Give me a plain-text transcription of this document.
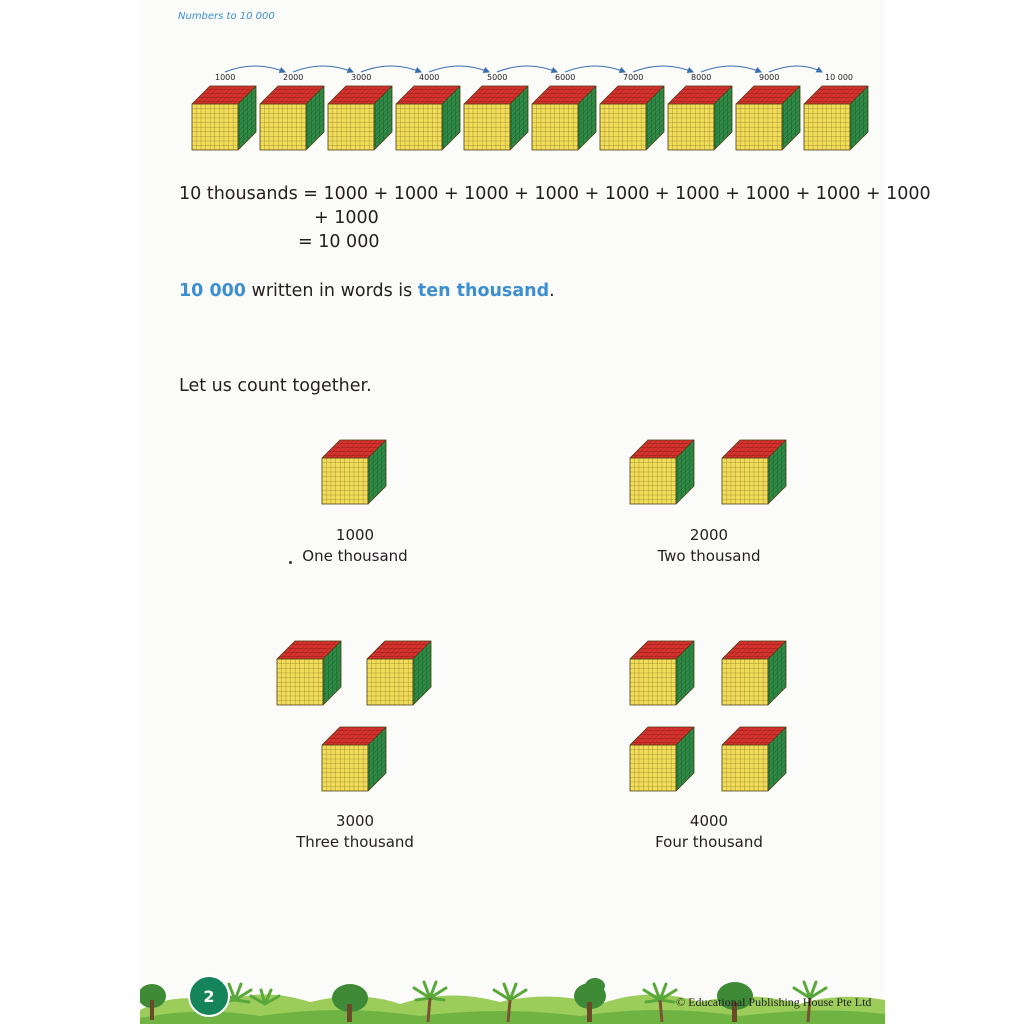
Numbers to 10 000
1000	2000	3000	4000	5000	6000	7000	8000	9000	10 000
10 thousands = 1000 + 1000 + 1000 + 1000 + 1000 + 1000 + 1000 + 1000 + 1000
+ 1000
= 10 000
10 000 written in words is ten thousand.
Let us count together.
1000
One thousand
2000
Two thousand
3000
Three thousand
4000
Four thousand
2	© Educational Publishing House Pte Ltd
